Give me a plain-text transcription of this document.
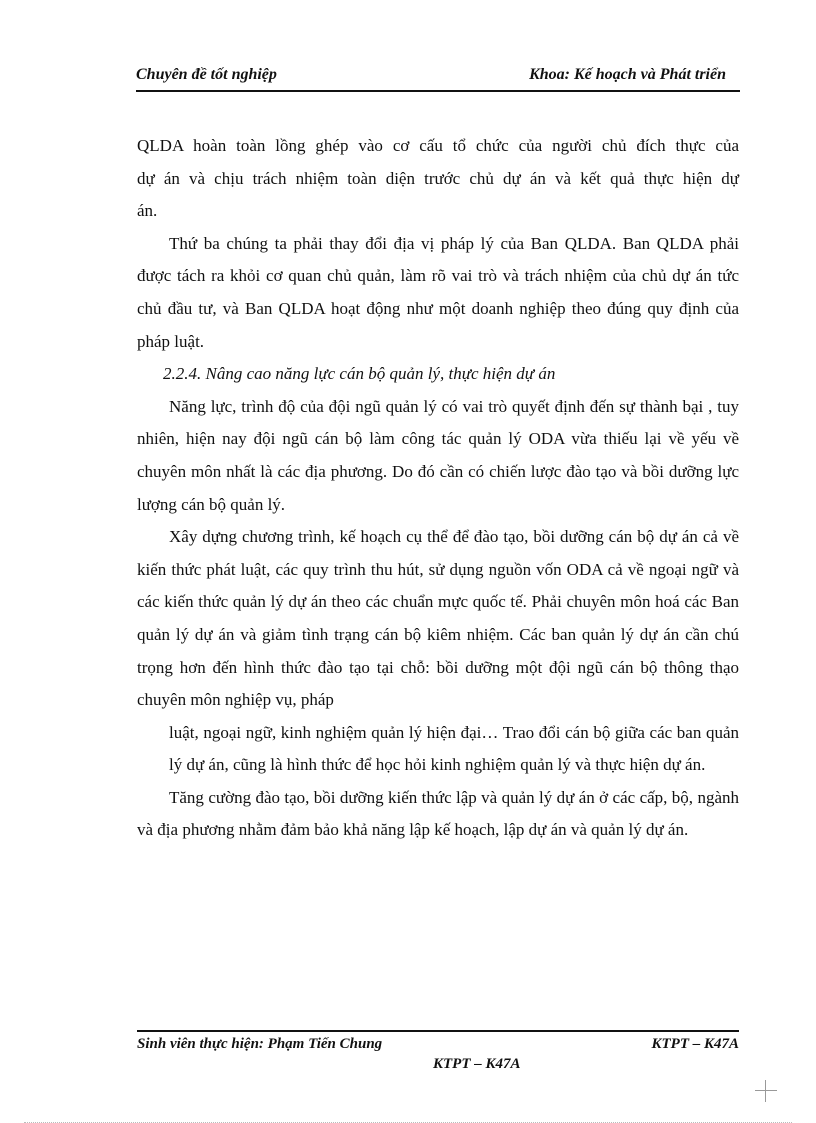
Chuyên đề tốt nghiệp	Khoa: Kế hoạch và Phát triển

QLDA hoàn toàn lồng ghép vào cơ cấu tổ chức của người chủ đích thực của

dự án và chịu trách nhiệm toàn diện trước chủ dự án và kết quả thực hiện dự

án.

Thứ ba chúng ta phải thay đổi địa vị pháp lý của Ban QLDA. Ban QLDA phải được tách ra khỏi cơ quan chủ quản, làm rõ vai trò và trách nhiệm của chủ dự án tức chủ đầu tư, và Ban QLDA hoạt động như một doanh nghiệp theo đúng quy định của pháp luật.

2.2.4. Nâng cao năng lực cán bộ quản lý, thực hiện dự án

Năng lực, trình độ của đội ngũ quản lý có vai trò quyết định đến sự thành bại , tuy nhiên, hiện nay đội ngũ cán bộ làm công tác quản lý ODA vừa thiếu lại về yếu về chuyên môn nhất là các địa phương. Do đó cần có chiến lược đào tạo và bồi dưỡng lực lượng cán bộ quản lý.

Xây dựng chương trình, kế hoạch cụ thể để đào tạo, bồi dưỡng cán bộ dự án cả về kiến thức phát luật, các quy trình thu hút, sử dụng nguồn vốn ODA cả về ngoại ngữ và các kiến thức quản lý dự án theo các chuẩn mực quốc tế. Phải chuyên môn hoá các Ban quản lý dự án và giảm tình trạng cán bộ kiêm nhiệm. Các ban quản lý dự án cần chú trọng hơn đến hình thức đào tạo tại chỗ: bồi dưỡng một đội ngũ cán bộ thông thạo chuyên môn nghiệp vụ, pháp

luật, ngoại ngữ, kinh nghiệm quản lý hiện đại… Trao đổi cán bộ giữa các ban quản lý dự án, cũng là hình thức để học hỏi kinh nghiệm quản lý và thực hiện dự án.

Tăng cường đào tạo, bồi dưỡng kiến thức lập và quản lý dự án ở các cấp, bộ, ngành và địa phương nhằm đảm bảo khả năng lập kế hoạch, lập dự án và quản lý dự án.

Sinh viên thực hiện: Phạm Tiến Chung	KTPT – K47A
KTPT – K47A
